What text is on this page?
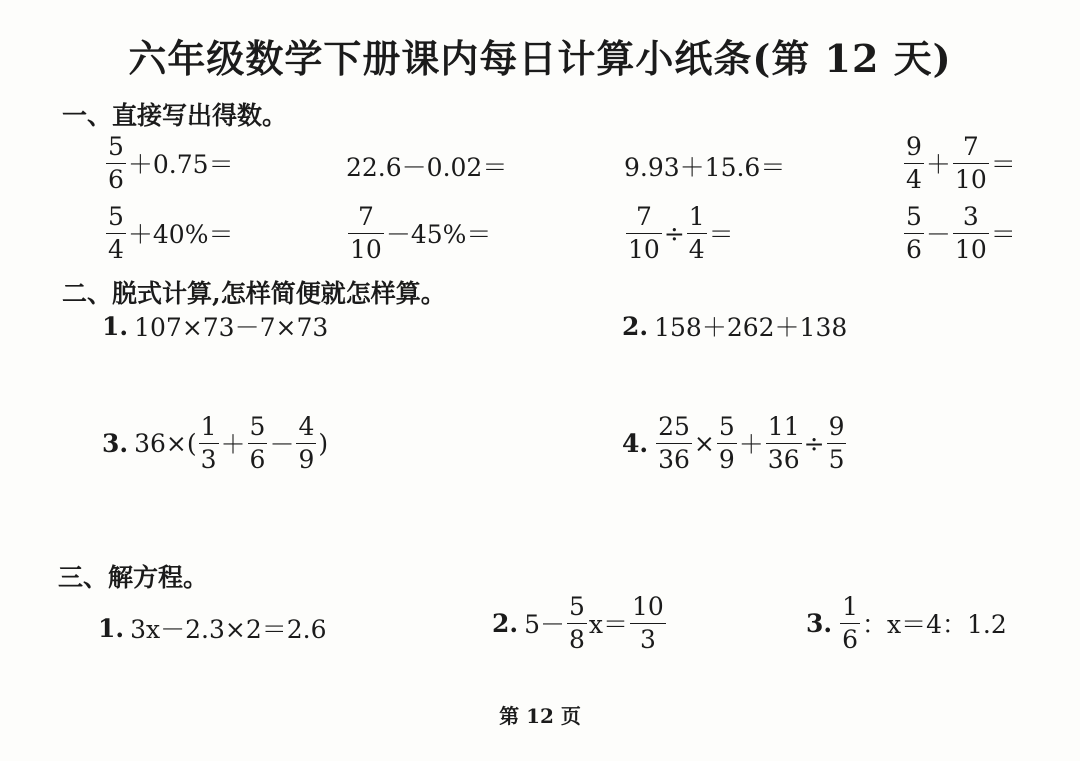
六年级数学下册课内每日计算小纸条(第 12 天)
一、直接写出得数。
$\frac{5}{6} +0.75=$	22.6－0.02＝	9.93＋15.6＝	$\frac{9}{4} + \frac{7}{10}$ ＝
$\frac{5}{4} +40\%=$	$\frac{7}{10} -45\%=$	$\frac{7}{10} \div \frac{1}{4}$ ＝	$\frac{5}{6} - \frac{3}{10}$ ＝
二、脱式计算,怎样简便就怎样算。
1. 107×73－7×73	2. 158＋262＋138
3. $36\times( \frac{1}{3} + \frac{5}{6} - \frac{4}{9}$ )	4. $\frac{25}{36} \times \frac{5}{9} + \frac{11}{36} \div \frac{9}{5}$
三、解方程。
1. 3x－2.3×2＝2.6	2. $5- \frac{5}{8} x= \frac{10}{3}$	3. $\frac{1}{6}$ ：x＝4：1.2
第 12 页
